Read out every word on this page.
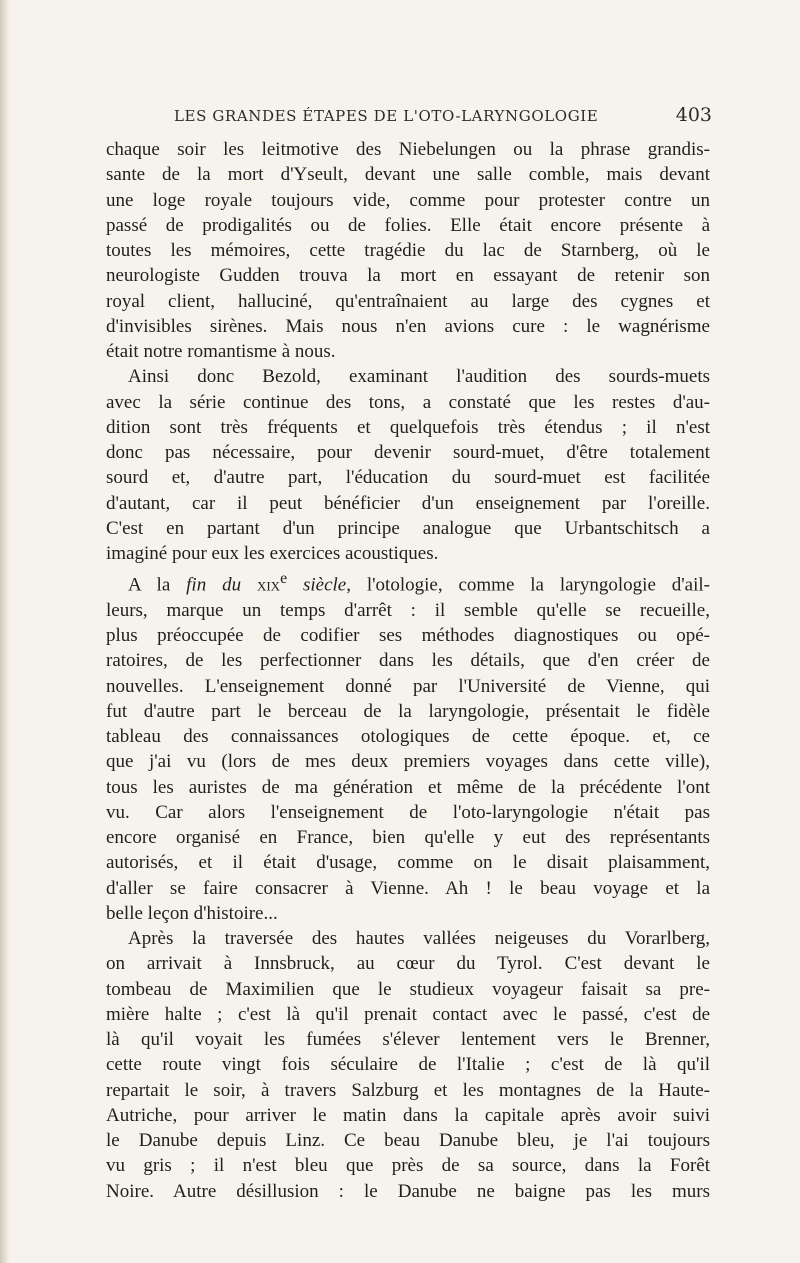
LES GRANDES ÉTAPES DE L'OTO-LARYNGOLOGIE	403

chaque soir les leitmotive des Niebelungen ou la phrase grandis-
sante de la mort d'Yseult, devant une salle comble, mais devant
une loge royale toujours vide, comme pour protester contre un
passé de prodigalités ou de folies. Elle était encore présente à
toutes les mémoires, cette tragédie du lac de Starnberg, où le
neurologiste Gudden trouva la mort en essayant de retenir son
royal client, halluciné, qu'entraînaient au large des cygnes et
d'invisibles sirènes. Mais nous n'en avions cure : le wagnérisme
était notre romantisme à nous.

Ainsi donc Bezold, examinant l'audition des sourds-muets
avec la série continue des tons, a constaté que les restes d'au-
dition sont très fréquents et quelquefois très étendus ; il n'est
donc pas nécessaire, pour devenir sourd-muet, d'être totalement
sourd et, d'autre part, l'éducation du sourd-muet est facilitée
d'autant, car il peut bénéficier d'un enseignement par l'oreille.
C'est en partant d'un principe analogue que Urbantschitsch a
imaginé pour eux les exercices acoustiques.

A la fin du xix$^e$ siècle, l'otologie, comme la laryngologie d'ail-
leurs, marque un temps d'arrêt : il semble qu'elle se recueille,
plus préoccupée de codifier ses méthodes diagnostiques ou opé-
ratoires, de les perfectionner dans les détails, que d'en créer de
nouvelles. L'enseignement donné par l'Université de Vienne, qui
fut d'autre part le berceau de la laryngologie, présentait le fidèle
tableau des connaissances otologiques de cette époque. et, ce
que j'ai vu (lors de mes deux premiers voyages dans cette ville),
tous les auristes de ma génération et même de la précédente l'ont
vu. Car alors l'enseignement de l'oto-laryngologie n'était pas
encore organisé en France, bien qu'elle y eut des représentants
autorisés, et il était d'usage, comme on le disait plaisamment,
d'aller se faire consacrer à Vienne. Ah ! le beau voyage et la
belle leçon d'histoire...

Après la traversée des hautes vallées neigeuses du Vorarlberg,
on arrivait à Innsbruck, au cœur du Tyrol. C'est devant le
tombeau de Maximilien que le studieux voyageur faisait sa pre-
mière halte ; c'est là qu'il prenait contact avec le passé, c'est de
là qu'il voyait les fumées s'élever lentement vers le Brenner,
cette route vingt fois séculaire de l'Italie ; c'est de là qu'il
repartait le soir, à travers Salzburg et les montagnes de la Haute-
Autriche, pour arriver le matin dans la capitale après avoir suivi
le Danube depuis Linz. Ce beau Danube bleu, je l'ai toujours
vu gris ; il n'est bleu que près de sa source, dans la Forêt
Noire. Autre désillusion : le Danube ne baigne pas les murs
